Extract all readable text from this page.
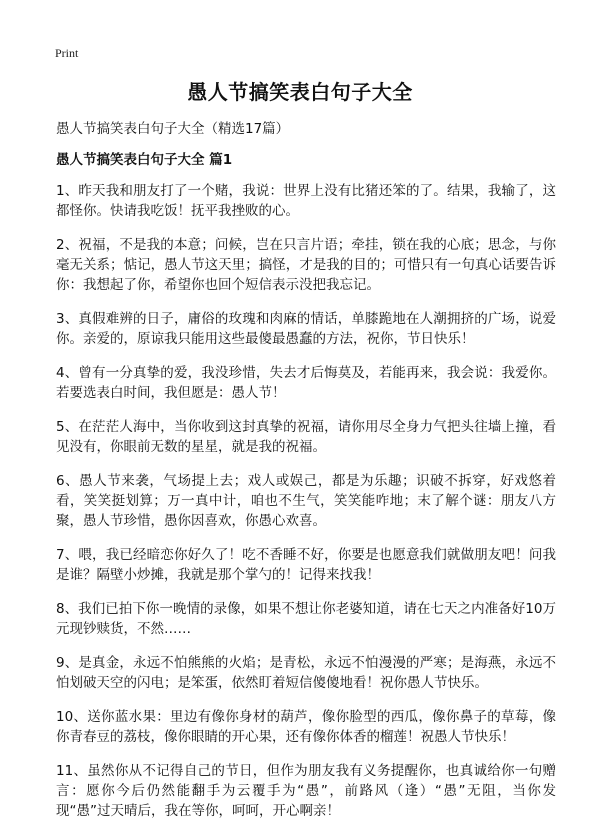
Print
愚人节搞笑表白句子大全

愚人节搞笑表白句子大全（精选17篇）

愚人节搞笑表白句子大全 篇1

1、昨天我和朋友打了一个赌，我说：世界上没有比猪还笨的了。结果，我输了，这都怪你。快请我吃饭！抚平我挫败的心。

2、祝福，不是我的本意；问候，岂在只言片语；牵挂，锁在我的心底；思念，与你毫无关系；惦记，愚人节这天里；搞怪，才是我的目的；可惜只有一句真心话要告诉你：我想起了你，希望你也回个短信表示没把我忘记。

3、真假难辨的日子，庸俗的玫瑰和肉麻的情话，单膝跪地在人潮拥挤的广场，说爱你。亲爱的，原谅我只能用这些最傻最愚蠢的方法，祝你，节日快乐！

4、曾有一分真挚的爱，我没珍惜，失去才后悔莫及，若能再来，我会说：我爱你。若要选表白时间，我但愿是：愚人节！

5、在茫茫人海中，当你收到这封真挚的祝福，请你用尽全身力气把头往墙上撞，看见没有，你眼前无数的星星，就是我的祝福。

6、愚人节来袭，气场提上去；戏人或娱己，都是为乐趣；识破不拆穿，好戏悠着看，笑笑挺划算；万一真中计，咱也不生气，笑笑能咋地；末了解个谜：朋友八方聚，愚人节珍惜，愚你因喜欢，你愚心欢喜。

7、喂，我已经暗恋你好久了！吃不香睡不好，你要是也愿意我们就做朋友吧！问我是谁？隔壁小炒摊，我就是那个掌勺的！记得来找我！

8、我们已拍下你一晚情的录像，如果不想让你老婆知道，请在七天之内准备好10万元现钞赎货，不然……

9、是真金，永远不怕熊熊的火焰；是青松，永远不怕漫漫的严寒；是海燕，永远不怕划破天空的闪电；是笨蛋，依然盯着短信傻傻地看！祝你愚人节快乐。

10、送你蓝水果：里边有像你身材的葫芦，像你脸型的西瓜，像你鼻子的草莓，像你青春豆的荔枝，像你眼睛的开心果，还有像你体香的榴莲！祝愚人节快乐！

11、虽然你从不记得自己的节日，但作为朋友我有义务提醒你，也真诚给你一句赠言：愿你今后仍然能翻手为云覆手为“愚”，前路风（逢）“愚”无阻，当你发现“愚”过天晴后，我在等你，呵呵，开心啊亲！
